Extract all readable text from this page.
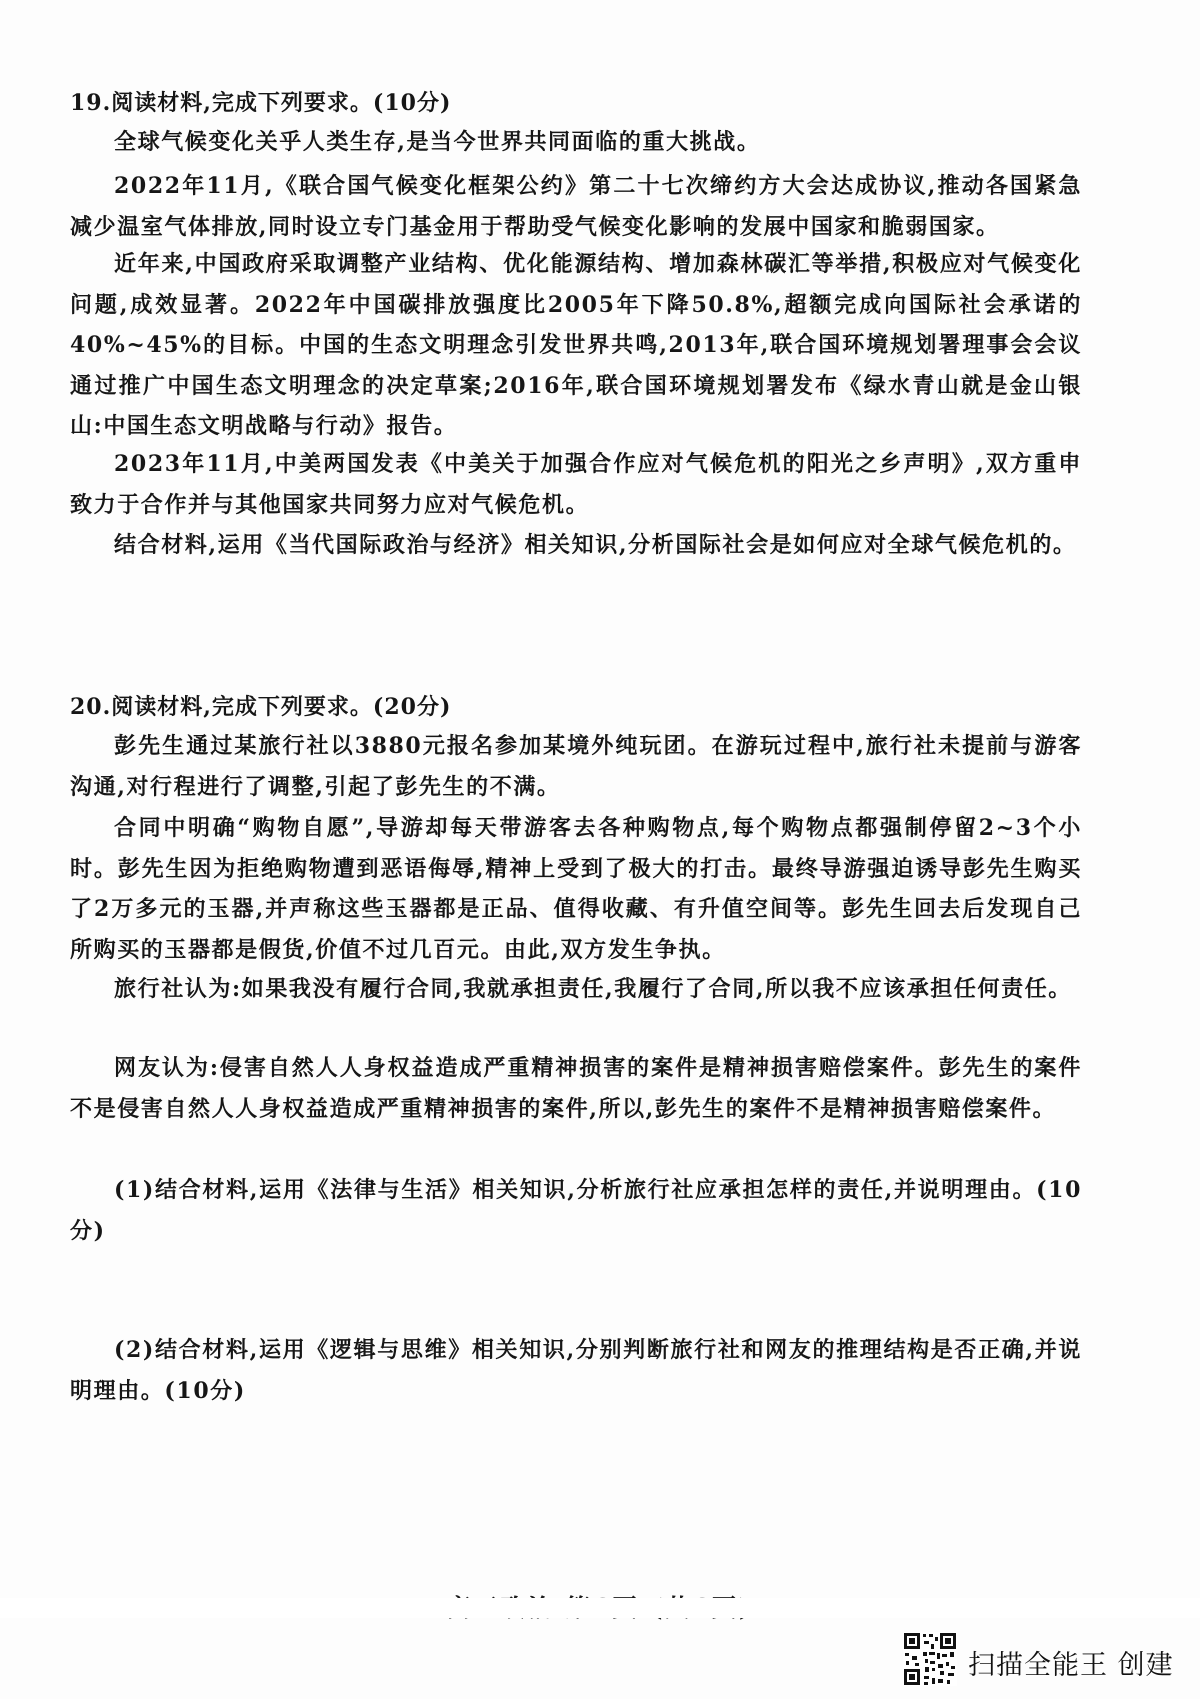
19.阅读材料,完成下列要求。(10分)
全球气候变化关乎人类生存,是当今世界共同面临的重大挑战。
2022年11月,《联合国气候变化框架公约》第二十七次缔约方大会达成协议,推动各国紧急减少温室气体排放,同时设立专门基金用于帮助受气候变化影响的发展中国家和脆弱国家。
近年来,中国政府采取调整产业结构、优化能源结构、增加森林碳汇等举措,积极应对气候变化问题,成效显著。2022年中国碳排放强度比2005年下降50.8%,超额完成向国际社会承诺的40%~45%的目标。中国的生态文明理念引发世界共鸣,2013年,联合国环境规划署理事会会议通过推广中国生态文明理念的决定草案;2016年,联合国环境规划署发布《绿水青山就是金山银山:中国生态文明战略与行动》报告。
2023年11月,中美两国发表《中美关于加强合作应对气候危机的阳光之乡声明》,双方重申致力于合作并与其他国家共同努力应对气候危机。
结合材料,运用《当代国际政治与经济》相关知识,分析国际社会是如何应对全球气候危机的。
20.阅读材料,完成下列要求。(20分)
彭先生通过某旅行社以3880元报名参加某境外纯玩团。在游玩过程中,旅行社未提前与游客沟通,对行程进行了调整,引起了彭先生的不满。
合同中明确“购物自愿”,导游却每天带游客去各种购物点,每个购物点都强制停留2~3个小时。彭先生因为拒绝购物遭到恶语侮辱,精神上受到了极大的打击。最终导游强迫诱导彭先生购买了2万多元的玉器,并声称这些玉器都是正品、值得收藏、有升值空间等。彭先生回去后发现自己所购买的玉器都是假货,价值不过几百元。由此,双方发生争执。
旅行社认为:如果我没有履行合同,我就承担责任,我履行了合同,所以我不应该承担任何责任。
网友认为:侵害自然人人身权益造成严重精神损害的案件是精神损害赔偿案件。彭先生的案件不是侵害自然人人身权益造成严重精神损害的案件,所以,彭先生的案件不是精神损害赔偿案件。
(1)结合材料,运用《法律与生活》相关知识,分析旅行社应承担怎样的责任,并说明理由。(10分)
(2)结合材料,运用《逻辑与思维》相关知识,分别判断旅行社和网友的推理结构是否正确,并说明理由。(10分)
扫描全能王 创建
